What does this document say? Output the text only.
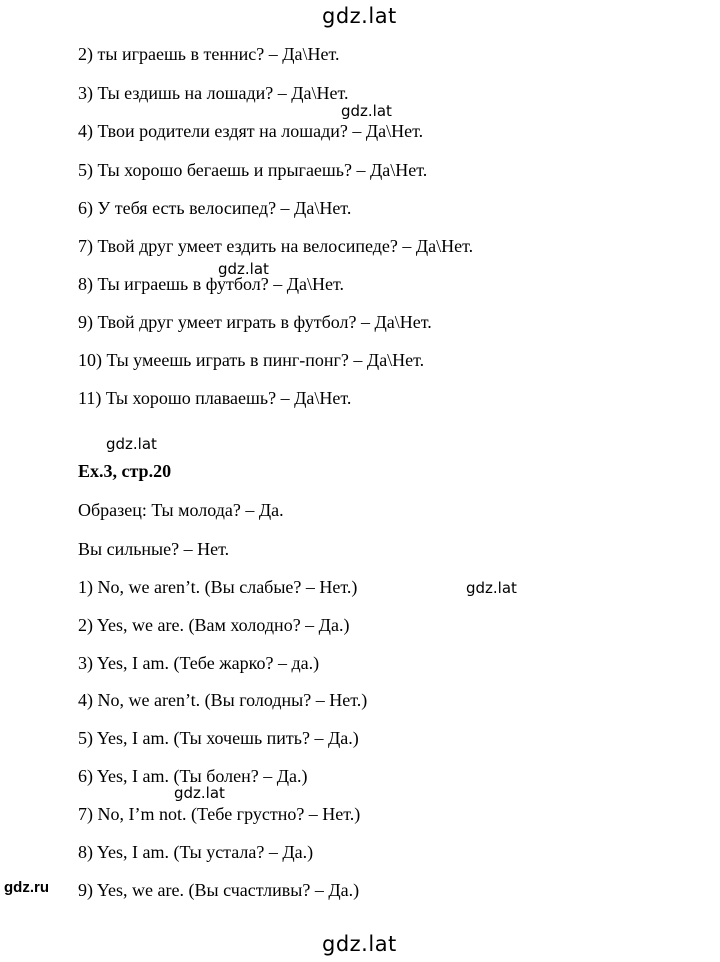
gdz.lat
2) ты играешь в теннис? – Да\Нет.
3) Ты ездишь на лошади? – Да\Нет.
gdz.lat
4) Твои родители ездят на лошади? – Да\Нет.
5) Ты хорошо бегаешь и прыгаешь? – Да\Нет.
6) У тебя есть велосипед? – Да\Нет.
7) Твой друг умеет ездить на велосипеде? – Да\Нет.
8) Ты играешь в футбол? – Да\Нет.
gdz.lat
9) Твой друг умеет играть в футбол? – Да\Нет.
10) Ты умеешь играть в пинг-понг? – Да\Нет.
11) Ты хорошо плаваешь? – Да\Нет.
gdz.lat
Ex.3, стр.20
Образец: Ты молода? – Да.
Вы сильные? – Нет.
1) No, we aren’t. (Вы слабые? – Нет.)	gdz.lat
2) Yes, we are. (Вам холодно? – Да.)
3) Yes, I am. (Тебе жарко? – да.)
4) No, we aren’t. (Вы голодны? – Нет.)
5) Yes, I am. (Ты хочешь пить? – Да.)
6) Yes, I am. (Ты болен? – Да.)
gdz.lat
7) No, I’m not. (Тебе грустно? – Нет.)
8) Yes, I am. (Ты устала? – Да.)
gdz.ru 9) Yes, we are. (Вы счастливы? – Да.)
gdz.lat
